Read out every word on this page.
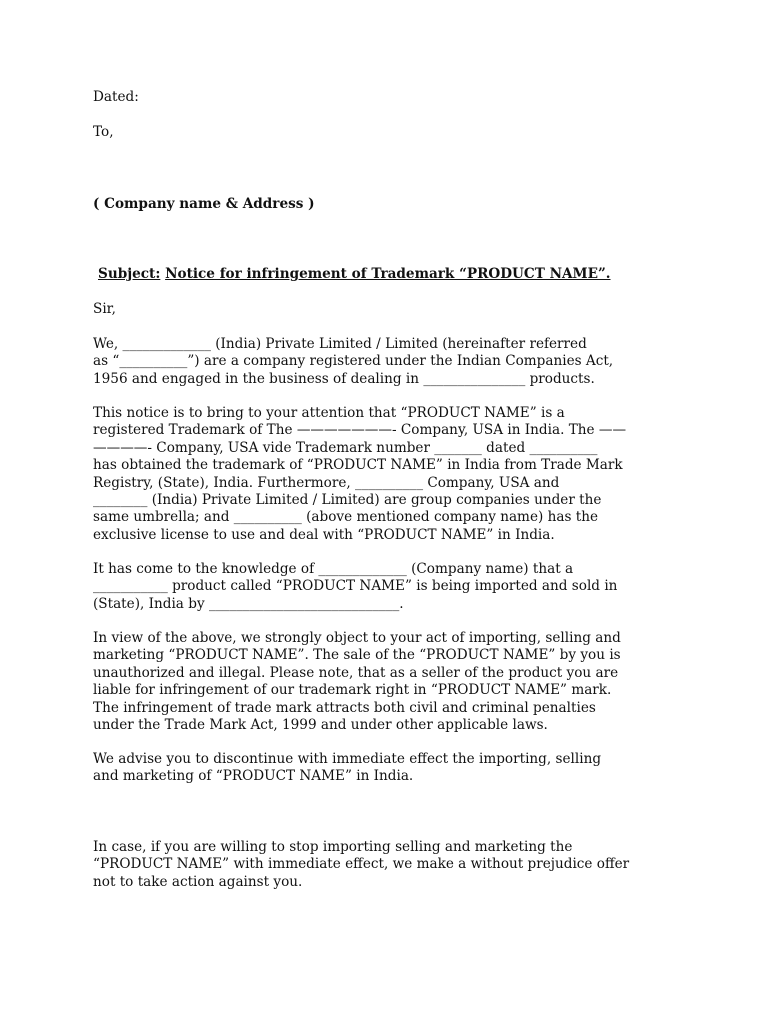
Dated:

To,

( Company name & Address )

Subject: Notice for infringement of Trademark “PRODUCT NAME”.

Sir,

We, _____________ (India) Private Limited / Limited (hereinafter referred
as “__________”) are a company registered under the Indian Companies Act,
1956 and engaged in the business of dealing in _______________ products.

This notice is to bring to your attention that “PRODUCT NAME” is a
registered Trademark of The ———————- Company, USA in India. The ——
————- Company, USA vide Trademark number _______ dated __________
has obtained the trademark of “PRODUCT NAME” in India from Trade Mark
Registry, (State), India. Furthermore, __________ Company, USA and
________ (India) Private Limited / Limited) are group companies under the
same umbrella; and __________ (above mentioned company name) has the
exclusive license to use and deal with “PRODUCT NAME” in India.

It has come to the knowledge of _____________ (Company name) that a
___________ product called “PRODUCT NAME” is being imported and sold in
(State), India by ____________________________.

In view of the above, we strongly object to your act of importing, selling and
marketing “PRODUCT NAME”. The sale of the “PRODUCT NAME” by you is
unauthorized and illegal. Please note, that as a seller of the product you are
liable for infringement of our trademark right in “PRODUCT NAME” mark.
The infringement of trade mark attracts both civil and criminal penalties
under the Trade Mark Act, 1999 and under other applicable laws.

We advise you to discontinue with immediate effect the importing, selling
and marketing of “PRODUCT NAME” in India.

In case, if you are willing to stop importing selling and marketing the
“PRODUCT NAME” with immediate effect, we make a without prejudice offer
not to take action against you.
